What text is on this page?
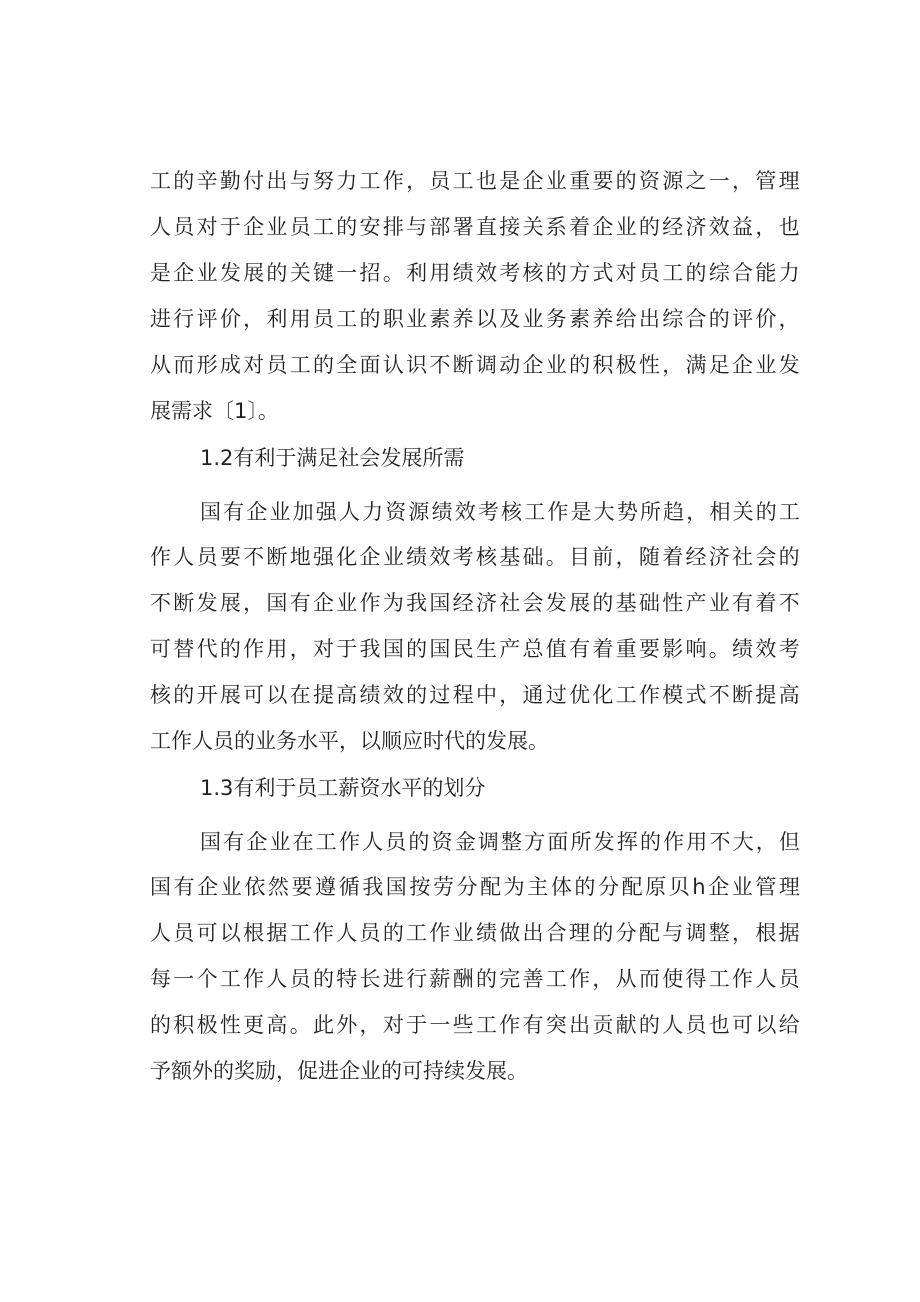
工 的 辛 勤 付 出 与 努 力 工 作 ， 员 工 也 是 企 业 重 要 的 资 源 之 一 ， 管 理
人 员 对 于 企 业 员 工 的 安 排 与 部 署 直 接 关 系 着 企 业 的 经 济 效 益 ， 也
是 企 业 发 展 的 关 键 一 招 。 利 用 绩 效 考 核 的 方 式 对 员 工 的 综 合 能 力
进 行 评 价 ， 利 用 员 工 的 职 业 素 养 以 及 业 务 素 养 给 出 综 合 的 评 价 ，
从 而 形 成 对 员 工 的 全 面 认 识 不 断 调 动 企 业 的 积 极 性 ， 满 足 企 业 发
展需求〔1〕。
1.2有利于满足社会发展所需
国 有 企 业 加 强 人 力 资 源 绩 效 考 核 工 作 是 大 势 所 趋 ， 相 关 的 工
作 人 员 要 不 断 地 强 化 企 业 绩 效 考 核 基 础 。 目 前 ， 随 着 经 济 社 会 的
不 断 发 展 ， 国 有 企 业 作 为 我 国 经 济 社 会 发 展 的 基 础 性 产 业 有 着 不
可 替 代 的 作 用 ， 对 于 我 国 的 国 民 生 产 总 值 有 着 重 要 影 响 。 绩 效 考
核 的 开 展 可 以 在 提 高 绩 效 的 过 程 中 ， 通 过 优 化 工 作 模 式 不 断 提 高
工作人员的业务水平，以顺应时代的发展。
1.3有利于员工薪资水平的划分
国 有 企 业 在 工 作 人 员 的 资 金 调 整 方 面 所 发 挥 的 作 用 不 大 ， 但
国 有 企 业 依 然 要 遵 循 我 国 按 劳 分 配 为 主 体 的 分 配 原 贝 h 企 业 管 理
人 员 可 以 根 据 工 作 人 员 的 工 作 业 绩 做 出 合 理 的 分 配 与 调 整 ， 根 据
每 一 个 工 作 人 员 的 特 长 进 行 薪 酬 的 完 善 工 作 ， 从 而 使 得 工 作 人 员
的 积 极 性 更 高 。 此 外 ， 对 于 一 些 工 作 有 突 出 贡 献 的 人 员 也 可 以 给
予额外的奖励，促进企业的可持续发展。
